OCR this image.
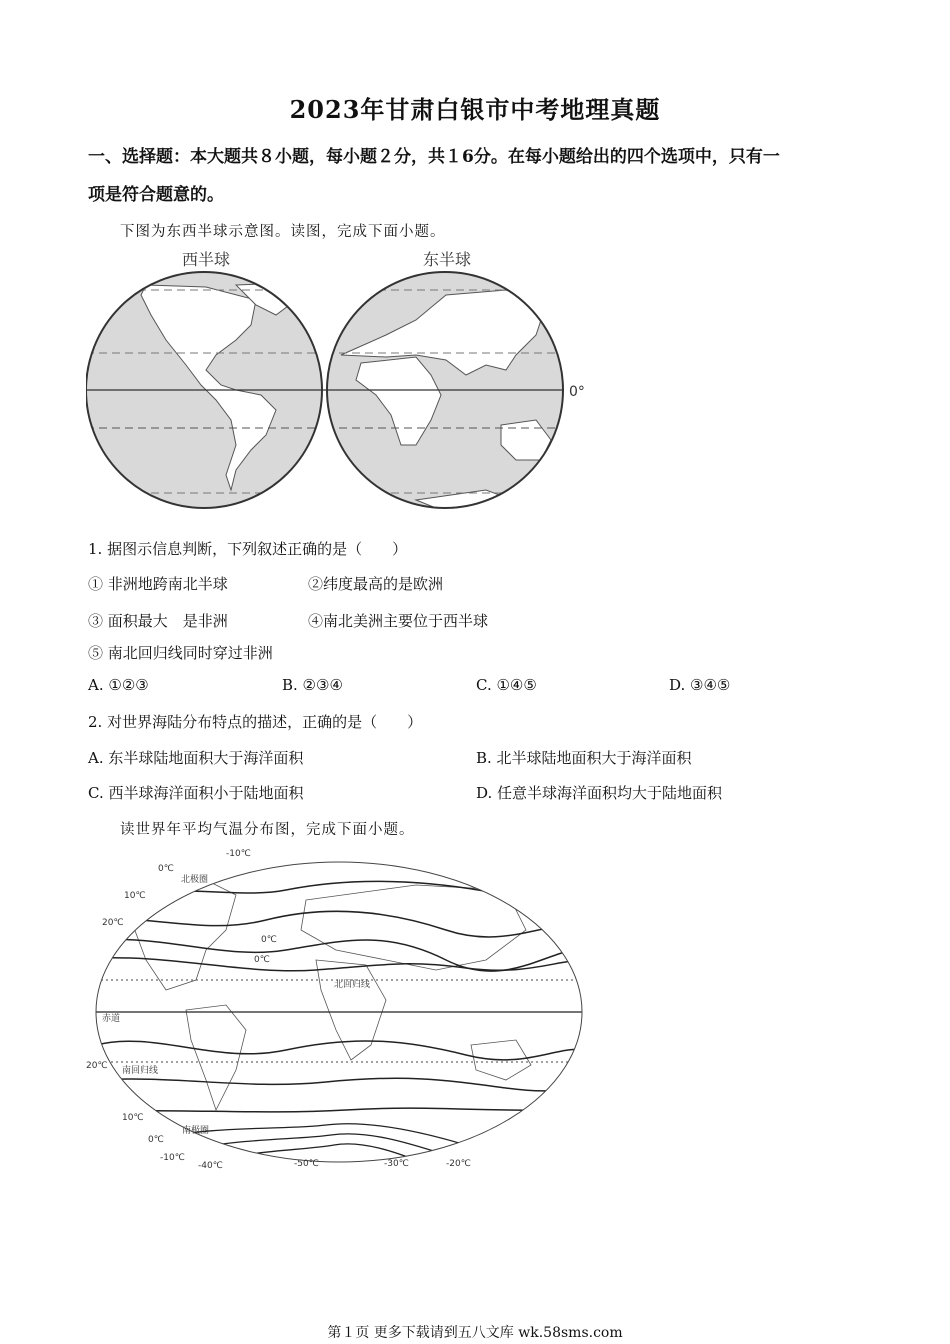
2023年甘肃白银市中考地理真题
一、选择题：本大题共８小题，每小题２分，共１6分。在每小题给出的四个选项中，只有一
项是符合题意的。
下图为东西半球示意图。读图，完成下面小题。
西半球	东半球
0°
1. 据图示信息判断，下列叙述正确的是（　　）
① 非洲地跨南北半球	②纬度最高的是欧洲
③ 面积最大　是非洲	④南北美洲主要位于西半球
⑤ 南北回归线同时穿过非洲
A. ①②③	B. ②③④	C. ①④⑤	D. ③④⑤
2. 对世界海陆分布特点的描述，正确的是（　　）
A. 东半球陆地面积大于海洋面积	B. 北半球陆地面积大于海洋面积
C. 西半球海洋面积小于陆地面积	D. 任意半球海洋面积均大于陆地面积
读世界年平均气温分布图，完成下面小题。
-10℃
0℃
北极圈
10℃
20℃
0℃
0℃
北回归线
赤道
20℃ 南回归线
10℃
0℃
南极圈
-10℃
-40℃	-50℃	-30℃	-20℃
第１页 更多下载请到五八文库 wk.58sms.com
